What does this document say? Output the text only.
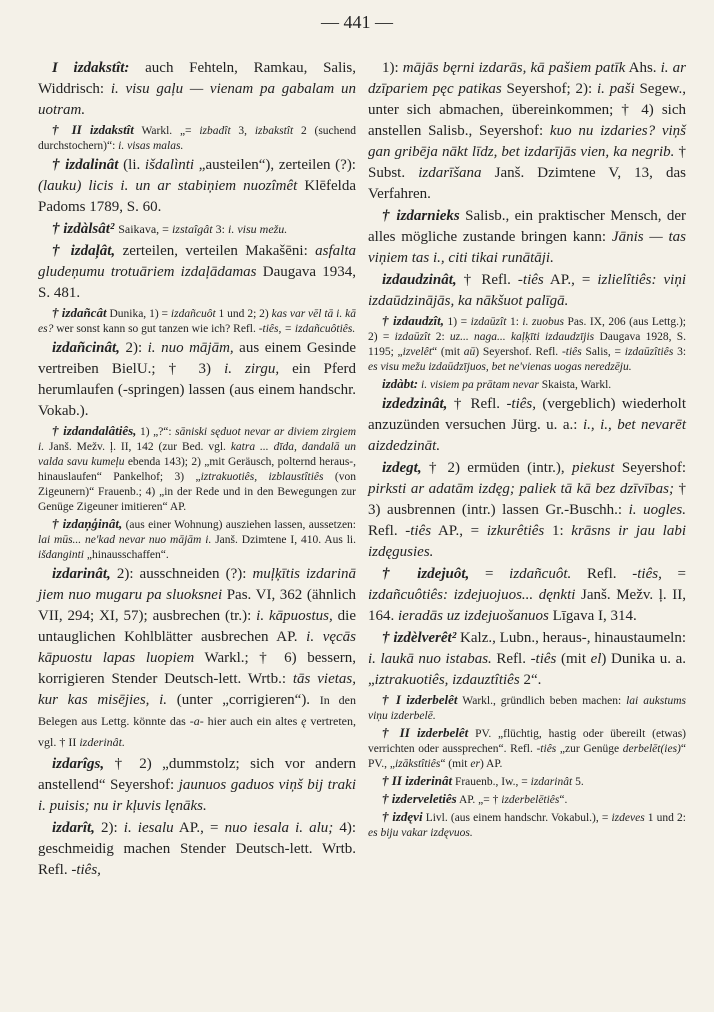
— 441 —

I izdakstît: auch Fehteln, Ramkau, Salis, Widdrisch: i. visu gaļu — vienam pa gabalam un uotram.

† II izdakstît Warkl. „= izbadît 3, izbakstît 2 (suchend durchstochern)“: i. visas malas.

† izdalinât (li. išdalìnti „austeilen“), zerteilen (?): (lauku) licis i. un ar stabiņiem nuozîmêt Klēfelda Padoms 1789, S. 60.

† izdàlsât² Saikava, = izstaîgât 3: i. visu mežu.

† izdaļât, zerteilen, verteilen Makašēni: asfalta gludeņumu trotuāriem izdaļādamas Daugava 1934, S. 481.

† izdañcât Dunika, 1) = izdañcuôt 1 und 2; 2) kas var vēl tā i. kā es? wer sonst kann so gut tanzen wie ich? Refl. -tiês, = izdañcuôtiês.

izdañcinât, 2): i. nuo mājām, aus einem Gesinde vertreiben BielU.; † 3) i. zirgu, ein Pferd herumlaufen (-springen) lassen (aus einem handschr. Vokab.).

† izdandalâtiês, 1) „?“: sāniski sęduot nevar ar diviem zirgiem i. Janš. Mežv. ļ. II, 142 (zur Bed. vgl. katra ... dīda, dandalā un valda savu kumeļu ebenda 143); 2) „mit Geräusch, polternd heraus-, hinauslaufen“ Pankelhof; 3) „iztrakuotiês, izblaustîtiês (von Zigeunern)“ Frauenb.; 4) „in der Rede und in den Bewegungen zur Genüge Zigeuner imitieren“ AP.

† izdaņģinât, (aus einer Wohnung) ausziehen lassen, aussetzen: lai mūs... ne'kad nevar nuo mājām i. Janš. Dzimtene I, 410. Aus li. išdanginti „hinausschaffen“.

izdarinât, 2): ausschneiden (?): muļķītis izdarinā jiem nuo mugaru pa sluoksnei Pas. VI, 362 (ähnlich VII, 294; XI, 57); ausbrechen (tr.): i. kāpuostus, die untauglichen Kohlblätter ausbrechen AP. i. vęcās kāpuostu lapas luopiem Warkl.; † 6) bessern, korrigieren Stender Deutsch-lett. Wrtb.: tās vietas, kur kas misējies, i. (unter „corrigieren“). In den Belegen aus Lettg. könnte das -a- hier auch ein altes ę vertreten, vgl. † II izderinât.

izdarîgs, † 2) „dummstolz; sich vor andern anstellend“ Seyershof: jaunuos gaduos viņš bij traki i. puisis; nu ir kļuvis lęnāks.

izdarît, 2): i. iesalu AP., = nuo iesala i. alu; 4): geschmeidig machen Stender Deutsch-lett. Wrtb. Refl. -tiês,

1): mājās bęrni izdarās, kā pašiem patīk Ahs. i. ar dzīpariem pęc patikas Seyershof; 2): i. paši Segew., unter sich abmachen, übereinkommen; † 4) sich anstellen Salisb., Seyershof: kuo nu izdaries? viņš gan gribēja nākt līdz, bet izdarījās vien, ka negrib. † Subst. izdarīšana Janš. Dzimtene V, 13, das Verfahren.

† izdarnieks Salisb., ein praktischer Mensch, der alles mögliche zustande bringen kann: Jānis — tas viņiem tas i., citi tikai runātāji.

izdaudzinât, † Refl. -tiês AP., = izlielîtiês: viņi izdaūdzinājās, ka nākšuot palīgā.

† izdaudzît, 1) = izdaūzît 1: i. zuobus Pas. IX, 206 (aus Lettg.); 2) = izdaūzît 2: uz... naga... kaļķīti izdaudzījis Daugava 1928, S. 1195; „izvelêt“ (mit aū) Seyershof. Refl. -tiês Salis, = izdaūzîtiês 3: es visu mežu izdaūdzījuos, bet ne'vienas uogas neredzēju.

izdàbt: i. visiem pa prātam nevar Skaista, Warkl.

izdedzinât, † Refl. -tiês, (vergeblich) wiederholt anzuzünden versuchen Jürg. u. a.: i., i., bet nevarēt aizdedzināt.

izdegt, † 2) ermüden (intr.), piekust Seyershof: pirksti ar adatām izdęg; paliek tā kā bez dzīvības; † 3) ausbrennen (intr.) lassen Gr.-Buschh.: i. uogles. Refl. -tiês AP., = izkurêtiês 1: krāsns ir jau labi izdęgusies.

† izdejuôt, = izdañcuôt. Refl. -tiês, = izdañcuôtiês: izdejuojuos... dęnkti Janš. Mežv. ļ. II, 164. ieradās uz izdejuošanuos Līgava I, 314.

† izdèlverêt² Kalz., Lubn., heraus-, hinaustaumeln: i. laukā nuo istabas. Refl. -tiês (mit el) Dunika u. a. „iztrakuotiês, izdauztîtiês 2“.

† I izderbelêt Warkl., gründlich beben machen: lai aukstums viņu izderbelē.

† II izderbelêt PV. „flüchtig, hastig oder übereilt (etwas) verrichten oder aussprechen“. Refl. -tiês „zur Genüge derbelēt(ies)“ PV., „izākstîtiês“ (mit er) AP.

† II izderinât Frauenb., Iw., = izdarinât 5.

† izderveletiês AP. „= † izderbelētiês“.

† izdęvi Livl. (aus einem handschr. Vokabul.), = izdeves 1 und 2: es biju vakar izdęvuos.
